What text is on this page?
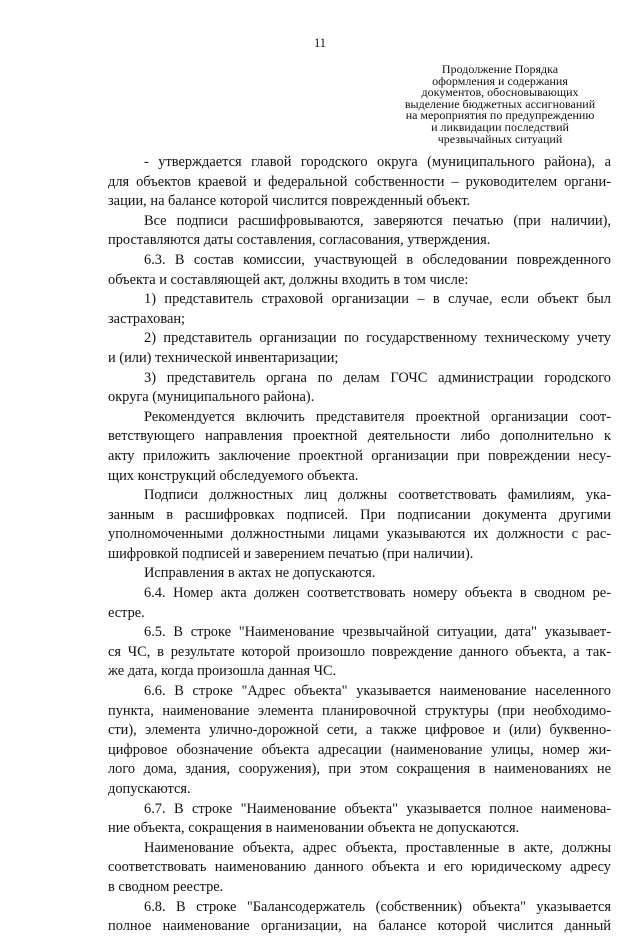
11
Продолжение Порядка
оформления и содержания
документов, обосновывающих
выделение бюджетных ассигнований
на мероприятия по предупреждению
и ликвидации последствий
чрезвычайных ситуаций
- утверждается главой городского округа (муниципального района), а
для объектов краевой и федеральной собственности – руководителем органи-
зации, на балансе которой числится поврежденный объект.
Все подписи расшифровываются, заверяются печатью (при наличии),
проставляются даты составления, согласования, утверждения.
6.3. В состав комиссии, участвующей в обследовании поврежденного
объекта и составляющей акт, должны входить в том числе:
1) представитель страховой организации – в случае, если объект был
застрахован;
2) представитель организации по государственному техническому учету
и (или) технической инвентаризации;
3) представитель органа по делам ГОЧС администрации городского
округа (муниципального района).
Рекомендуется включить представителя проектной организации соот-
ветствующего направления проектной деятельности либо дополнительно к
акту приложить заключение проектной организации при повреждении несу-
щих конструкций обследуемого объекта.
Подписи должностных лиц должны соответствовать фамилиям, ука-
занным в расшифровках подписей. При подписании документа другими
уполномоченными должностными лицами указываются их должности с рас-
шифровкой подписей и заверением печатью (при наличии).
Исправления в актах не допускаются.
6.4. Номер акта должен соответствовать номеру объекта в сводном ре-
естре.
6.5. В строке "Наименование чрезвычайной ситуации, дата" указывает-
ся ЧС, в результате которой произошло повреждение данного объекта, а так-
же дата, когда произошла данная ЧС.
6.6. В строке "Адрес объекта" указывается наименование населенного
пункта, наименование элемента планировочной структуры (при необходимо-
сти), элемента улично-дорожной сети, а также цифровое и (или) буквенно-
цифровое обозначение объекта адресации (наименование улицы, номер жи-
лого дома, здания, сооружения), при этом сокращения в наименованиях не
допускаются.
6.7. В строке "Наименование объекта" указывается полное наименова-
ние объекта, сокращения в наименовании объекта не допускаются.
Наименование объекта, адрес объекта, проставленные в акте, должны
соответствовать наименованию данного объекта и его юридическому адресу
в сводном реестре.
6.8. В строке "Балансодержатель (собственник) объекта" указывается
полное наименование организации, на балансе которой числится данный
